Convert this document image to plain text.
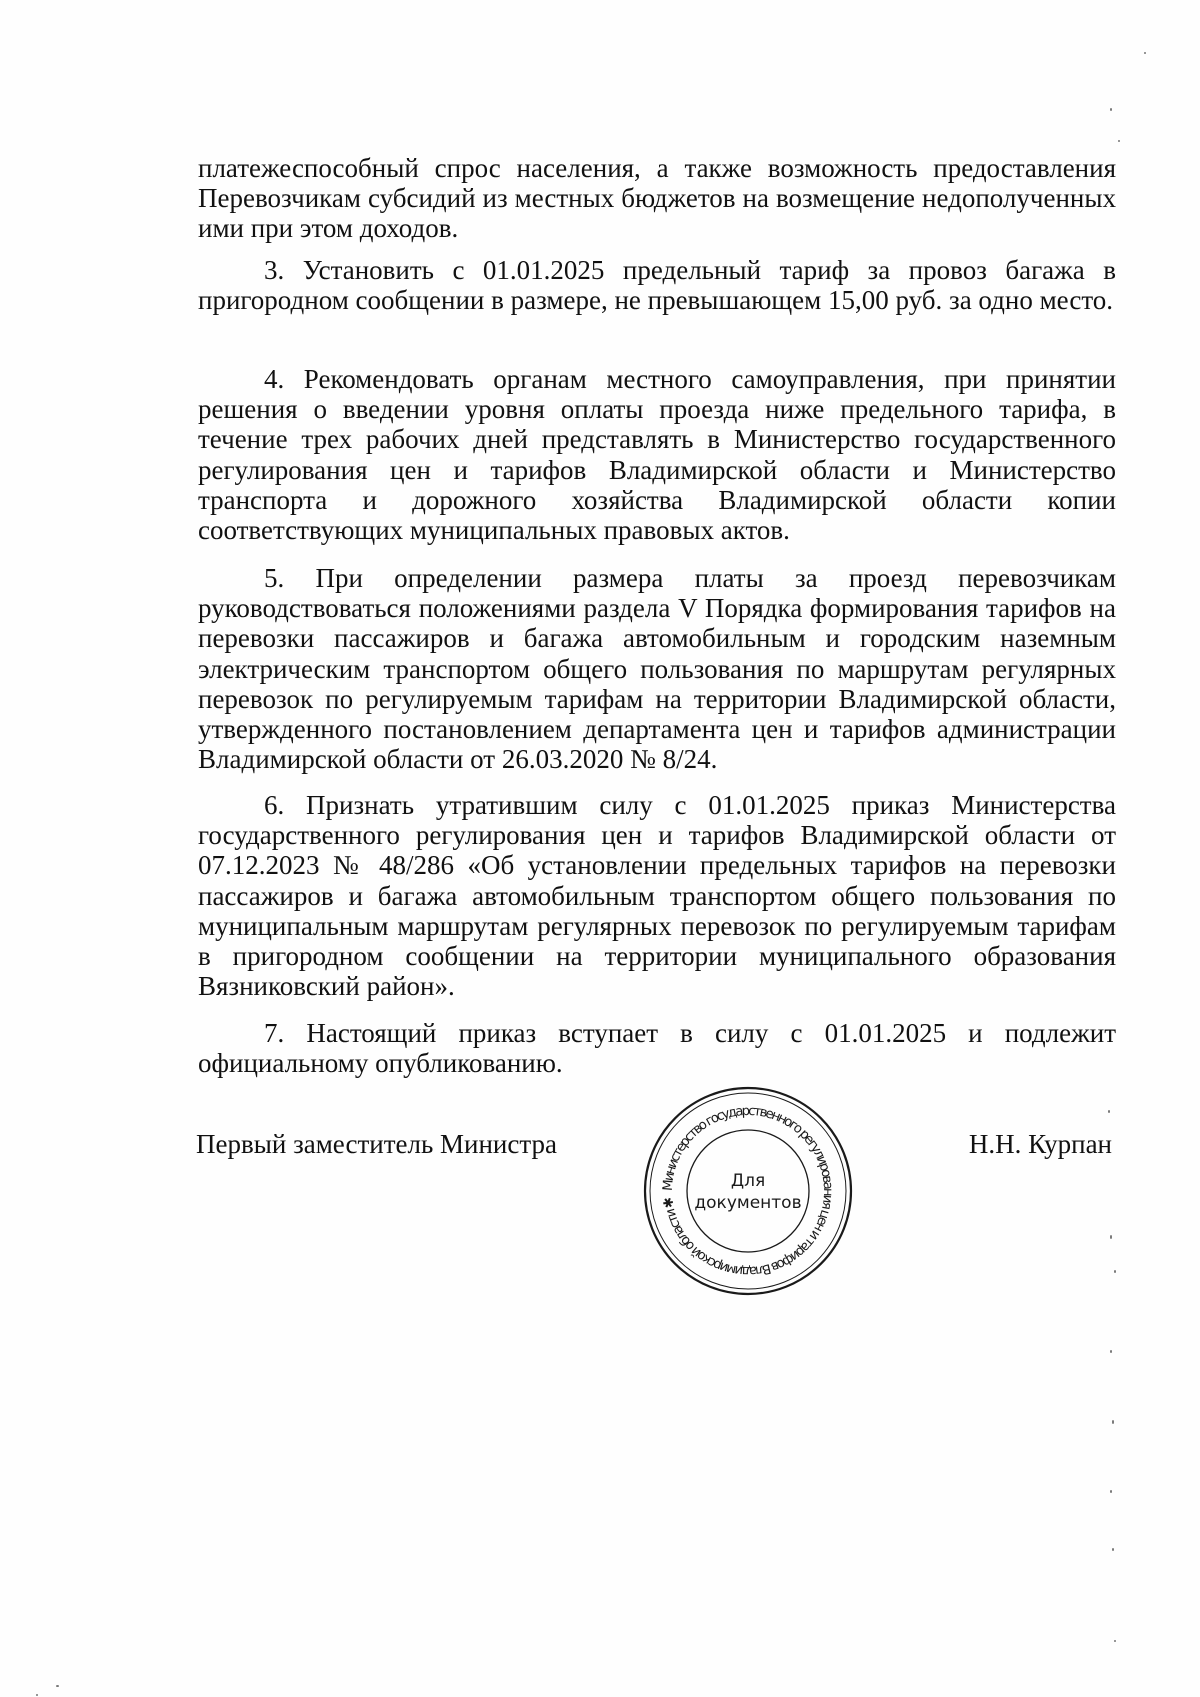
платежеспособный спрос населения, а также возможность предоставления Перевозчикам субсидий из местных бюджетов на возмещение недополученных ими при этом доходов.

3. Установить с 01.01.2025 предельный тариф за провоз багажа в пригородном сообщении в размере, не превышающем 15,00 руб. за одно место.

4. Рекомендовать органам местного самоуправления, при принятии решения о введении уровня оплаты проезда ниже предельного тарифа, в течение трех рабочих дней представлять в Министерство государственного регулирования цен и тарифов Владимирской области и Министерство транспорта и дорожного хозяйства Владимирской области копии соответствующих муниципальных правовых актов.

5. При определении размера платы за проезд перевозчикам руководствоваться положениями раздела V Порядка формирования тарифов на перевозки пассажиров и багажа автомобильным и городским наземным электрическим транспортом общего пользования по маршрутам регулярных перевозок по регулируемым тарифам на территории Владимирской области, утвержденного постановлением департамента цен и тарифов администрации Владимирской области от 26.03.2020 № 8/24.

6. Признать утратившим силу с 01.01.2025 приказ Министерства государственного регулирования цен и тарифов Владимирской области от 07.12.2023 № 48/286 «Об установлении предельных тарифов на перевозки пассажиров и багажа автомобильным транспортом общего пользования по муниципальным маршрутам регулярных перевозок по регулируемым тарифам в пригородном сообщении на территории муниципального образования Вязниковский район».

7. Настоящий приказ вступает в силу с 01.01.2025 и подлежит официальному опубликованию.

Первый заместитель Министра	Н.Н. Курпан
Министерство государственного регулирования цен и тарифов Владимирской области ✱
Для
документов
